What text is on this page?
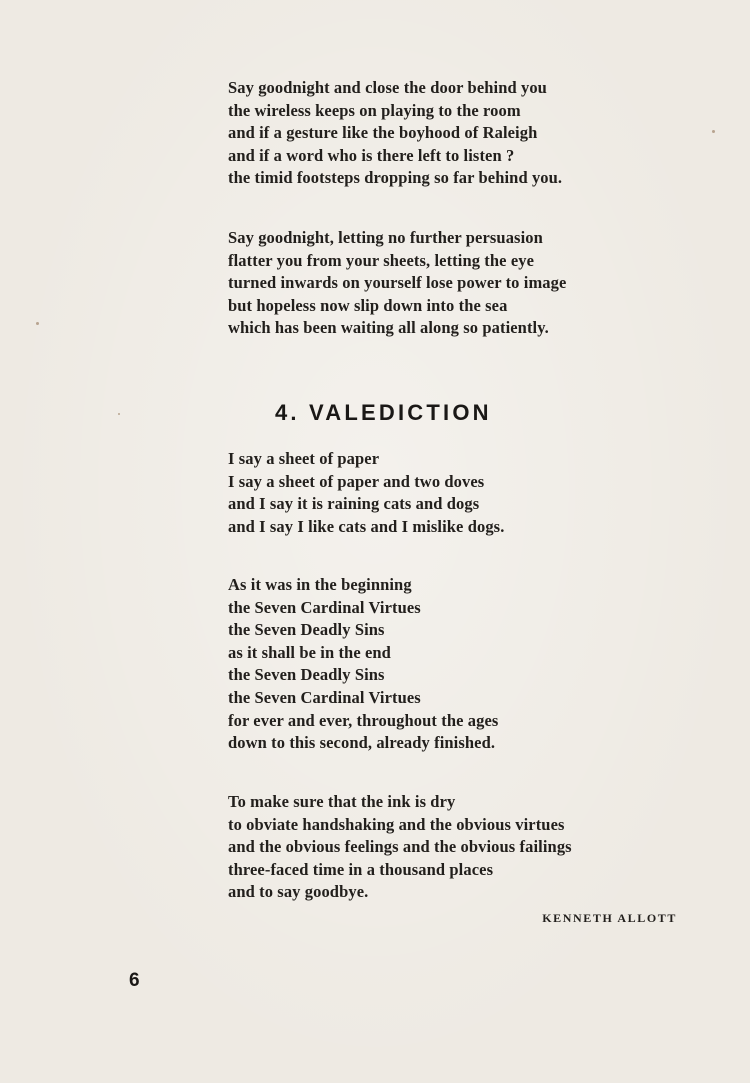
Say goodnight and close the door behind you
the wireless keeps on playing to the room
and if a gesture like the boyhood of Raleigh
and if a word who is there left to listen ?
the timid footsteps dropping so far behind you.
Say goodnight, letting no further persuasion
flatter you from your sheets, letting the eye
turned inwards on yourself lose power to image
but hopeless now slip down into the sea
which has been waiting all along so patiently.
4. VALEDICTION
I say a sheet of paper
I say a sheet of paper and two doves
and I say it is raining cats and dogs
and I say I like cats and I mislike dogs.
As it was in the beginning
the Seven Cardinal Virtues
the Seven Deadly Sins
as it shall be in the end
the Seven Deadly Sins
the Seven Cardinal Virtues
for ever and ever, throughout the ages
down to this second, already finished.
To make sure that the ink is dry
to obviate handshaking and the obvious virtues
and the obvious feelings and the obvious failings
three-faced time in a thousand places
and to say goodbye.
KENNETH ALLOTT
6
